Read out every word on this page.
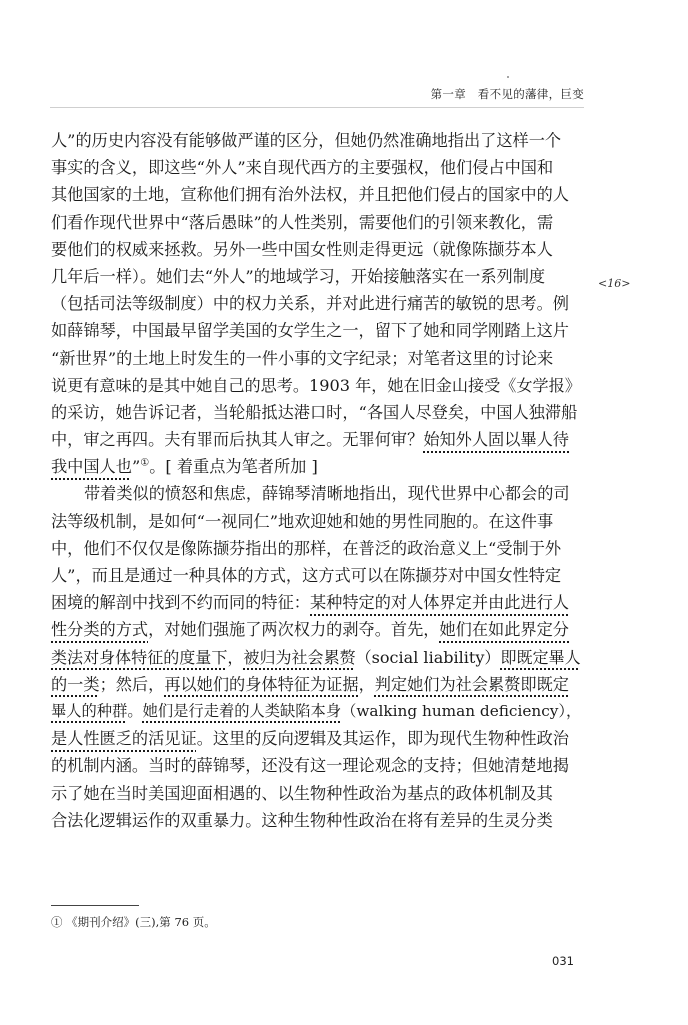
第一章　看不见的藩律，巨变
<16>
人”的历史内容没有能够做严谨的区分，但她仍然准确地指出了这样一个
事实的含义，即这些“外人”来自现代西方的主要强权，他们侵占中国和
其他国家的土地，宣称他们拥有治外法权，并且把他们侵占的国家中的人
们看作现代世界中“落后愚昧”的人性类别，需要他们的引领来教化，需
要他们的权威来拯救。另外一些中国女性则走得更远（就像陈撷芬本人
几年后一样）。她们去“外人”的地域学习，开始接触落实在一系列制度
（包括司法等级制度）中的权力关系，并对此进行痛苦的敏锐的思考。例
如薛锦琴，中国最早留学美国的女学生之一，留下了她和同学刚踏上这片
“新世界”的土地上时发生的一件小事的文字纪录；对笔者这里的讨论来
说更有意味的是其中她自己的思考。1903 年，她在旧金山接受《女学报》
的采访，她告诉记者，当轮船抵达港口时，“各国人尽登矣，中国人独滞船
中，审之再四。夫有罪而后执其人审之。无罪何审？始知外人固以畢人待
我中国人也”①。[ 着重点为笔者所加 ]
带着类似的愤怒和焦虑，薛锦琴清晰地指出，现代世界中心都会的司
法等级机制，是如何“一视同仁”地欢迎她和她的男性同胞的。在这件事
中，他们不仅仅是像陈撷芬指出的那样，在普泛的政治意义上“受制于外
人”，而且是通过一种具体的方式，这方式可以在陈撷芬对中国女性特定
困境的解剖中找到不约而同的特征：某种特定的对人体界定并由此进行人
性分类的方式，对她们强施了两次权力的剥夺。首先，她们在如此界定分
类法对身体特征的度量下，被归为社会累赘（social liability）即既定畢人
的一类；然后，再以她们的身体特征为证据，判定她们为社会累赘即既定
畢人的种群。她们是行走着的人类缺陷本身（walking human deficiency），
是人性匮乏的活见证。这里的反向逻辑及其运作，即为现代生物种性政治
的机制内涵。当时的薛锦琴，还没有这一理论观念的支持；但她清楚地揭
示了她在当时美国迎面相遇的、以生物种性政治为基点的政体机制及其
合法化逻辑运作的双重暴力。这种生物种性政治在将有差异的生灵分类
① 《期刊介绍》(三),第 76 页。
031
